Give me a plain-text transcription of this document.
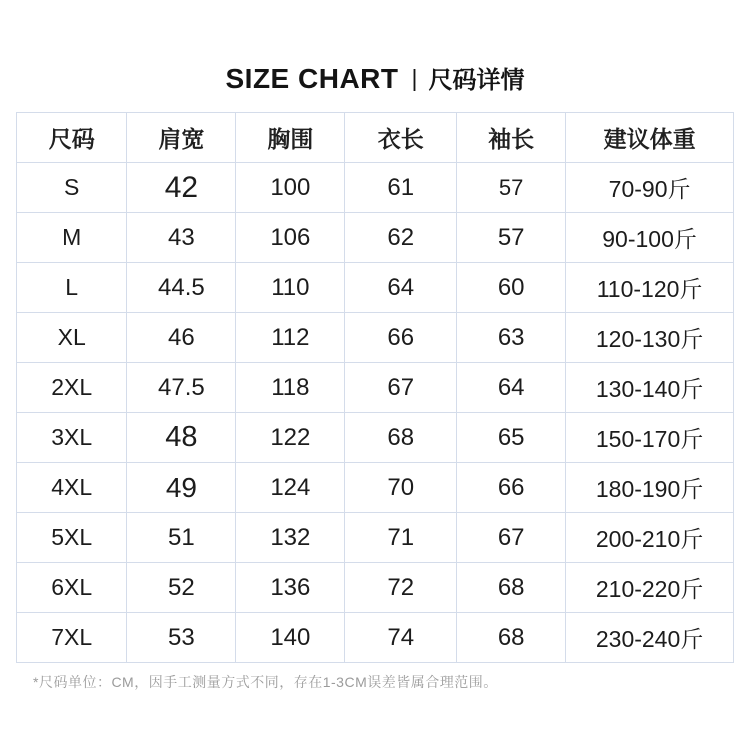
SIZE CHART | 尺码详情
尺码	肩宽	胸围	衣长	袖长	建议体重
S	42	100	61	57	70-90斤
M	43	106	62	57	90-100斤
L	44.5	110	64	60	110-120斤
XL	46	112	66	63	120-130斤
2XL	47.5	118	67	64	130-140斤
3XL	48	122	68	65	150-170斤
4XL	49	124	70	66	180-190斤
5XL	51	132	71	67	200-210斤
6XL	52	136	72	68	210-220斤
7XL	53	140	74	68	230-240斤
*尺码单位：CM，因手工测量方式不同，存在1-3CM误差皆属合理范围。
